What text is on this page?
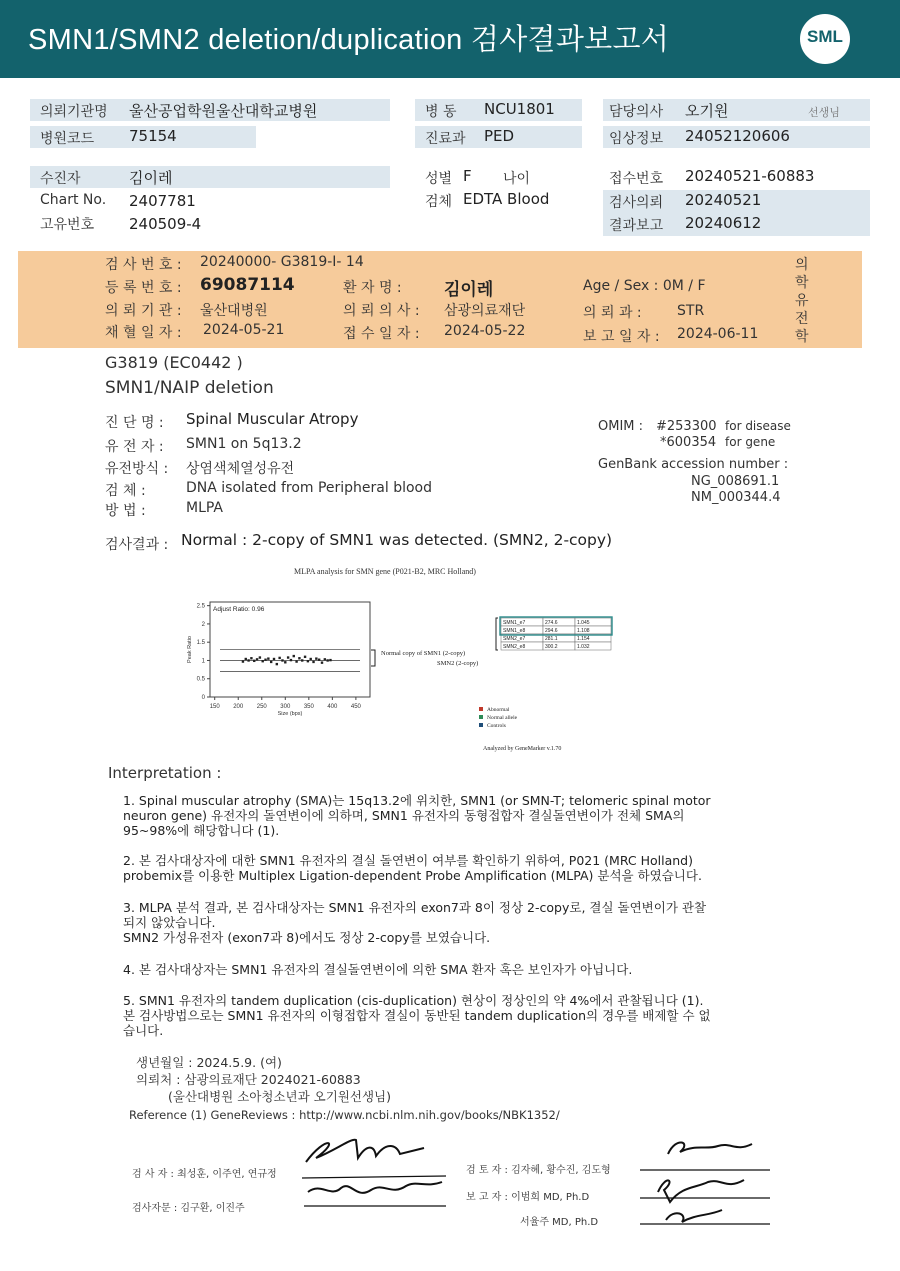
SMN1/SMN2 deletion/duplication 검사결과보고서	SML
의뢰기관명 울산공업학원울산대학교병원
병원코드 75154
병 동 NCU1801
진료과 PED
담당의사 오기원	선생님
임상정보 24052120606
수진자	김이레
Chart No. 2407781
고유번호 240509-4
성별 F 나이
검체 EDTA Blood
접수번호 20240521-60883
검사의뢰 20240521
결과보고 20240612
검 사 번 호 : 20240000- G3819-I- 14
등 록 번 호 : 69087114	환 자 명 : 김이레	Age / Sex : 0M / F
의 뢰 기 관 : 울산대병원	의 뢰 의 사 : 삼광의료재단	의 뢰 과 :	STR
채 혈 일 자 : 2024-05-21	접 수 일 자 : 2024-05-22	보 고 일 자 : 2024-06-11
의
학
유
전
학
G3819 (EC0442 )
SMN1/NAIP deletion
진 단 명 : Spinal Muscular Atropy
유 전 자 : SMN1 on 5q13.2
유전방식 : 상염색체열성유전
검 체 :	DNA isolated from Peripheral blood
방 법 :	MLPA
OMIM : #253300 for disease
*600354 for gene
GenBank accession number :
NG_008691.1
NM_000344.4
검사결과 : Normal : 2-copy of SMN1 was detected. (SMN2, 2-copy)
MLPA analysis for SMN gene (P021-B2, MRC Holland)
Adjust Ratio: 0.96
0
0.5
1
1.5
2
2.5
150 200 250 300 350 400 450
Size (bps)
Peak Ratio	Normal copy of SMN1 (2-copy)
SMN2 (2-copy)
SMN1_e7	274.6	1.045
SMN1_e8	294.6	1.108
SMN2_e7	281.1	1.154
SMN2_e8	300.2	1.032
Abnormal
Normal allele
Controls
Analyzed by GeneMarker v.1.70
Interpretation :
1. Spinal muscular atrophy (SMA)는 15q13.2에 위치한, SMN1 (or SMN-T; telomeric spinal motor
neuron gene) 유전자의 돌연변이에 의하며, SMN1 유전자의 동형접합자 결실돌연변이가 전체 SMA의
95~98%에 해당합니다 (1).
2. 본 검사대상자에 대한 SMN1 유전자의 결실 돌연변이 여부를 확인하기 위하여, P021 (MRC Holland)
probemix를 이용한 Multiplex Ligation-dependent Probe Amplification (MLPA) 분석을 하였습니다.
3. MLPA 분석 결과, 본 검사대상자는 SMN1 유전자의 exon7과 8이 정상 2-copy로, 결실 돌연변이가 관찰
되지 않았습니다.
SMN2 가성유전자 (exon7과 8)에서도 정상 2-copy를 보였습니다.
4. 본 검사대상자는 SMN1 유전자의 결실돌연변이에 의한 SMA 환자 혹은 보인자가 아닙니다.
5. SMN1 유전자의 tandem duplication (cis-duplication) 현상이 정상인의 약 4%에서 관찰됩니다 (1).
본 검사방법으로는 SMN1 유전자의 이형접합자 결실이 동반된 tandem duplication의 경우를 배제할 수 없
습니다.
생년월일 : 2024.5.9. (여)
의뢰처 : 삼광의료재단 2024021-60883
(울산대병원 소아청소년과 오기원선생님)
Reference (1) GeneReviews : http://www.ncbi.nlm.nih.gov/books/NBK1352/
검 사 자 : 최성훈, 이주연, 연규정
검사자문 : 김구환, 이진주
검 토 자 : 김자혜, 황수진, 김도형
보 고 자 : 이범희 MD, Ph.D
서율주 MD, Ph.D
